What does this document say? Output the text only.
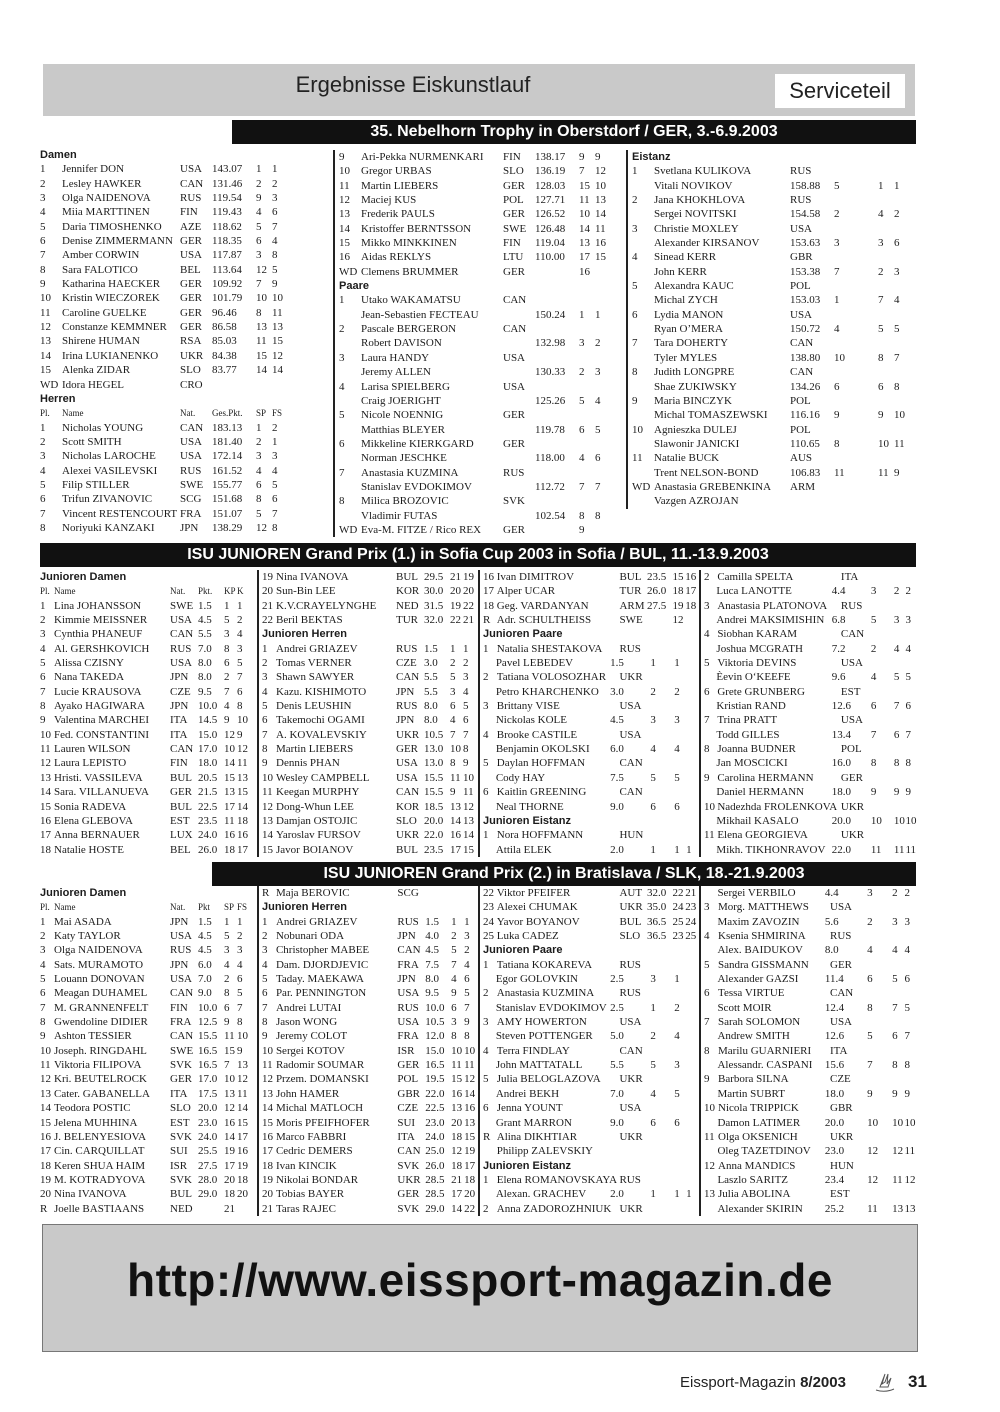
Ergebnisse Eiskunstlauf	Serviceteil
35. Nebelhorn Trophy in Oberstdorf / GER, 3.-6.9.2003
Damen
1	Jennifer DON	USA 143.07	1 1
2	Lesley HAWKER	CAN 131.46	2 2
3	Olga NAIDENOVA	RUS 119.54	9 3
4	Miia MARTTINEN	FIN	119.43	4 6
5	Daria TIMOSHENKO	AZE 118.62	5 7
6	Denise ZIMMERMANN GER 118.35	6 4
7	Amber CORWIN	USA 117.87	3 8
8	Sara FALOTICO	BEL	113.64	12 5
9	Katharina HAECKER	GER 109.92	7 9
10	Kristin WIECZOREK	GER 101.79	10 10
11	Caroline GUELKE	GER 96.46	8 11
12	Constanze KEMMNER	GER 86.58	13 13
13	Shirene HUMAN	RSA 85.03	11 15
14	Irina LUKIANENKO	UKR 84.38	15 12
15	Alenka ZIDAR	SLO	83.77	14 14
WD Idora HEGEL	CRO
Herren
Pl.	Name	Nat.	Ges.Pkt.	SP FS
1	Nicholas YOUNG	CAN 183.13	1 2
2	Scott SMITH	USA 181.40	2 1
3	Nicholas LAROCHE	USA 172.14	3 3
4	Alexei VASILEVSKI	RUS 161.52	4 4
5	Filip STILLER	SWE 155.77	6 5
6	Trifun ZIVANOVIC	SCG 151.68	8 6
7	Vincent RESTENCOURT FRA 151.07	5 7
8	Noriyuki KANZAKI	JPN	138.29	12 8
9	Ari-Pekka NURMENKARI	FIN	138.17	9 9
10	Gregor URBAS	SLO	136.19	7 12
11	Martin LIEBERS	GER 128.03	15 10
12	Maciej KUS	POL	127.71	11 13
13	Frederik PAULS	GER 126.52	10 14
14	Kristoffer BERNTSSON	SWE 126.48	14 11
15	Mikko MINKKINEN	FIN	119.04	13 16
16	Aidas REKLYS	LTU	110.00	17 15
WD Clemens BRUMMER	GER	16
Paare
1	Utako WAKAMATSU	CAN
Jean-Sebastien FECTEAU	150.24	1 1
2	Pascale BERGERON	CAN
Robert DAVISON	132.98	3 2
3	Laura HANDY	USA
Jeremy ALLEN	130.33	2 3
4	Larisa SPIELBERG	USA
Craig JOERIGHT	125.26	5 4
5	Nicole NOENNIG	GER
Matthias BLEYER	119.78	6 5
6	Mikkeline KIERKGARD	GER
Norman JESCHKE	118.00	4 6
7	Anastasia KUZMINA	RUS
Stanislav EVDOKIMOV	112.72	7 7
8	Milica BROZOVIC	SVK
Vladimir FUTAS	102.54	8 8
WD Eva-M. FITZE / Rico REX	GER	9
Eistanz
1	Svetlana KULIKOVA	RUS
Vitali NOVIKOV	158.88	5	1 1
2	Jana KHOKHLOVA	RUS
Sergei NOVITSKI	154.58	2	4 2
3	Christie MOXLEY	USA
Alexander KIRSANOV	153.63	3	3 6
4	Sinead KERR	GBR
John KERR	153.38	7	2 3
5	Alexandra KAUC	POL
Michal ZYCH	153.03	1	7 4
6	Lydia MANON	USA
Ryan O’MERA	150.72	4	5 5
7	Tara DOHERTY	CAN
Tyler MYLES	138.80	10	8 7
8	Judith LONGPRE	CAN
Shae ZUKIWSKY	134.26	6	6 8
9	Maria BINCZYK	POL
Michal TOMASZEWSKI	116.16	9	9 10
10	Agnieszka DULEJ	POL
Slawonir JANICKI	110.65	8	10 11
11	Natalie BUCK	AUS
Trent NELSON-BOND	106.83	11	11 9
WD Anastasia GREBENKINA	ARM
Vazgen AZROJAN
ISU JUNIOREN Grand Prix (1.) in Sofia Cup 2003 in Sofia / BUL, 11.-13.9.2003
Junioren Damen
Pl. Name	Nat.	Pkt.	KP K
1 Lina JOHANSSON	SWE 1.5	1 1
2 Kimmie MEISSNER	USA 4.5	5 2
3 Cynthia PHANEUF	CAN 5.5	3 4
4 Al. GERSHKOVICH	RUS 7.0	8 3
5 Alissa CZISNY	USA 8.0	6 5
6 Nana TAKEDA	JPN 8.0	2 7
7 Lucie KRAUSOVA	CZE 9.5	7 6
8 Ayako HAGIWARA	JPN 10.0 4 8
9 Valentina MARCHEI	ITA 14.5 9 10
10 Fed. CONSTANTINI	ITA 15.0 12 9
11 Lauren WILSON	CAN 17.0 10 12
12 Laura LEPISTO	FIN 18.0 14 11
13 Hristi. VASSILEVA	BUL 20.5 15 13
14 Sara. VILLANUEVA	GER 21.5 13 15
15 Sonia RADEVA	BUL 22.5 17 14
16 Elena GLEBOVA	EST 23.5 11 18
17 Anna BERNAUER	LUX 24.0 16 16
18 Natalie HOSTE	BEL 26.0 18 17
19 Nina IVANOVA	BUL 29.5 21 19
20 Sun-Bin LEE	KOR 30.0 20 20
21 K.V.CRAYELYNGHE	NED 31.5 19 22
22 Beril BEKTAS	TUR 32.0 22 21
Junioren Herren
1 Andrei GRIAZEV	RUS 1.5	1 1
2 Tomas VERNER	CZE 3.0	2 2
3 Shawn SAWYER	CAN 5.5	5 3
4 Kazu. KISHIMOTO	JPN 5.5	3 4
5 Denis LEUSHIN	RUS 8.0	6 5
6 Takemochi OGAMI	JPN 8.0	4 6
7 A. KOVALEVSKIY	UKR 10.5 7 7
8 Martin LIEBERS	GER 13.0 10 8
9 Dennis PHAN	USA 13.0 8 9
10 Wesley CAMPBELL	USA 15.5 11 10
11 Keegan MURPHY	CAN 15.5 9 11
12 Dong-Whun LEE	KOR 18.5 13 12
13 Damjan OSTOJIC	SLO 20.0 14 13
14 Yaroslav FURSOV	UKR 22.0 16 14
15 Javor BOIANOV	BUL 23.5 17 15
16 Ivan DIMITROV	BUL 23.5 15 16
17 Alper UCAR	TUR 26.0 18 17
18 Geg. VARDANYAN	ARM 27.5 19 18
R Adr. SCHULTHEISS	SWE	12
Junioren Paare
1 Natalia SHESTAKOVA	RUS
Pavel LEBEDEV	1.5	1	1
2 Tatiana VOLOSOZHAR	UKR
Petro KHARCHENKO	3.0	2	2
3 Brittany VISE	USA
Nickolas KOLE	4.5	3	3
4 Brooke CASTILE	USA
Benjamin OKOLSKI	6.0	4	4
5 Daylan HOFFMAN	CAN
Cody HAY	7.5	5	5
6 Kaitlin GREENING	CAN
Neal THORNE	9.0	6	6
Junioren Eistanz
1 Nora HOFFMANN	HUN
Attila ELEK	2.0	1	1 1
2 Camilla SPELTA	ITA
Luca LANOTTE	4.4	3	2 2
3 Anastasia PLATONOVA	RUS
Andrei MAKSIMISHIN 6.8	5	3 3
4 Siobhan KARAM	CAN
Joshua MCGRATH	7.2	2	4 4
5 Viktoria DEVINS	USA
Èevin O‘KEEFE	9.6	4	5 5
6 Grete GRUNBERG	EST
Kristian RAND	12.6	6	7 6
7 Trina PRATT	USA
Todd GILLES	13.4	7	6 7
8 Joanna BUDNER	POL
Jan MOSCICKI	16.0	8	8 8
9 Carolina HERMANN	GER
Daniel HERMANN	18.0	9	9 9
10 Nadezhda FROLENKOVA UKR
Mikhail KASALO	20.0	10	10 10
11 Elena GEORGIEVA	UKR
Mikh. TIKHONRAVOV 22.0	11	11 11
ISU JUNIOREN Grand Prix (2.) in Bratislava / SLK, 18.-21.9.2003
Junioren Damen
Pl. Name	Nat.	Pkt	SP FS
1 Mai ASADA	JPN 1.5	1 1
2 Katy TAYLOR	USA 4.5	5 2
3 Olga NAIDENOVA	RUS 4.5	3 3
4 Sats. MURAMOTO	JPN 6.0	4 4
5 Louann DONOVAN	USA 7.0	2 6
6 Meagan DUHAMEL	CAN 9.0	8 5
7 M. GRANNENFELT	FIN 10.0 6 7
8 Gwendoline DIDIER	FRA 12.5 9 8
9 Ashton TESSIER	CAN 15.5 11 10
10 Joseph. RINGDAHL	SWE 16.5 15 9
11 Viktoria FILIPOVA	SVK 16.5 7 13
12 Kri. BEUTELROCK	GER 17.0 10 12
13 Cater. GABANELLA	ITA 17.5 13 11
14 Teodora POSTIC	SLO 20.0 12 14
15 Jelena MUHHINA	EST 23.0 16 15
16 J. BELENYESIOVA	SVK 24.0 14 17
17 Cin. CARQUILLAT	SUI 25.5 19 16
18 Keren SHUA HAIM	ISR 27.5 17 19
19 M. KOTRADYOVA	SVK 28.0 20 18
20 Nina IVANOVA	BUL 29.0 18 20
R Joelle BASTIAANS	NED	21
R Maja BEROVIC	SCG
Junioren Herren
1 Andrei GRIAZEV	RUS 1.5	1 1
2 Nobunari ODA	JPN 4.0	2 3
3 Christopher MABEE	CAN 4.5	5 2
4 Dam. DJORDJEVIC	FRA 7.5	7 4
5 Taday. MAEKAWA	JPN 8.0	4 6
6 Par. PENNINGTON	USA 9.5	9 5
7 Andrei LUTAI	RUS 10.0 6 7
8 Jason WONG	USA 10.5 3 9
9 Jeremy COLOT	FRA 12.0 8 8
10 Sergei KOTOV	ISR 15.0 10 10
11 Radomir SOUMAR	GER 16.5 11 11
12 Przem. DOMANSKI	POL 19.5 15 12
13 John HAMER	GBR 22.0 16 14
14 Michal MATLOCH	CZE 22.5 13 16
15 Moris PFEIFHOFER	SUI 23.0 20 13
16 Marco FABBRI	ITA 24.0 18 15
17 Cedric DEMERS	CAN 25.0 12 19
18 Ivan KINCIK	SVK 26.0 18 17
19 Nikolai BONDAR	UKR 28.5 21 18
20 Tobias BAYER	GER 28.5 17 20
21 Taras RAJEC	SVK 29.0 14 22
22 Viktor PFEIFER	AUT 32.0 22 21
23 Alexei CHUMAK	UKR 35.0 24 23
24 Yavor BOYANOV	BUL 36.5 25 24
25 Luka CADEZ	SLO 36.5 23 25
Junioren Paare
1 Tatiana KOKAREVA	RUS
Egor GOLOVKIN	2.5	3	1
2 Anastasia KUZMINA	RUS
Stanislav EVDOKIMOV 2.5	1	2
3 AMY HOWERTON	USA
Steven POTTENGER	5.0	2	4
4 Terra FINDLAY	CAN
John MATTATALL	5.5	5	3
5 Julia BELOGLAZOVA	UKR
Andrei BEKH	7.0	4	5
6 Jenna YOUNT	USA
Grant MARRON	9.0	6	6
R Alina DIKHTIAR	UKR
Philipp ZALEVSKIY
Junioren Eistanz
1 Elena ROMANOVSKAYA RUS
Alexan. GRACHEV	2.0	1	1 1
2 Anna ZADOROZHNIUK UKR
Sergei VERBILO	4.4	3	2 2
3 Morg. MATTHEWS	USA
Maxim ZAVOZIN	5.6	2	3 3
4 Ksenia SHMIRINA	RUS
Alex. BAIDUKOV	8.0	4	4 4
5 Sandra GISSMANN	GER
Alexander GAZSI	11.4	6	5 6
6 Tessa VIRTUE	CAN
Scott MOIR	12.4	8	7 5
7 Sarah SOLOMON	USA
Andrew SMITH	12.6	5	6 7
8 Marilu GUARNIERI	ITA
Alessandr. CASPANI	15.6	7	8 8
9 Barbora SILNA	CZE
Martin SUBRT	18.0	9	9 9
10 Nicola TRIPPICK	GBR
Damon LATIMER	20.0	10	10 10
11 Olga OKSENICH	UKR
Oleg TAZETDINOV	23.0	12	12 11
12 Anna MANDICS	HUN
Laszlo SARITZ	23.4	12	11 12
13 Julia ABOLINA	EST
Alexander SKIRIN	25.2	11	13 13
http://www.eissport-magazin.de
Eissport-Magazin 8/2003	31
